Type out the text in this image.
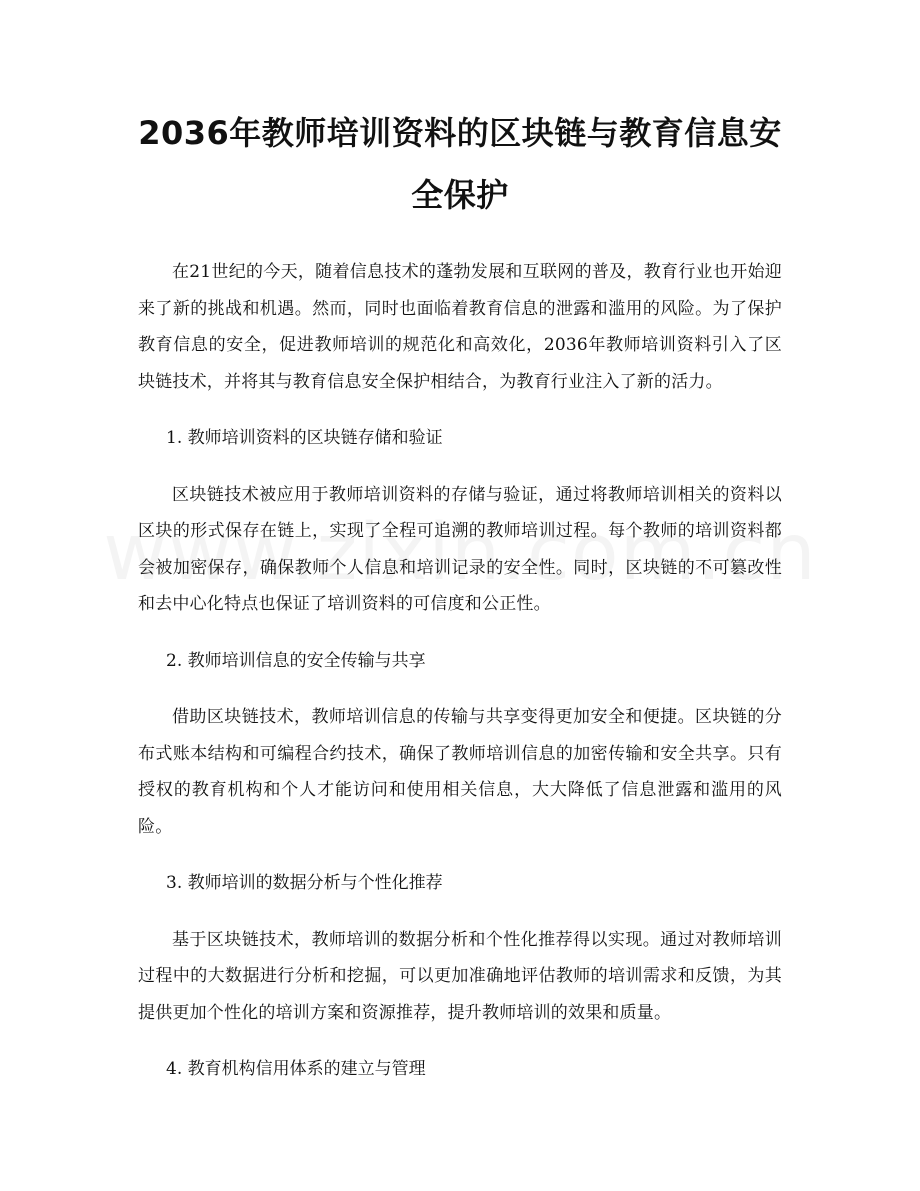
2036年教师培训资料的区块链与教育信息安全保护

在21世纪的今天，随着信息技术的蓬勃发展和互联网的普及，教育行业也开始迎来了新的挑战和机遇。然而，同时也面临着教育信息的泄露和滥用的风险。为了保护教育信息的安全，促进教师培训的规范化和高效化，2036年教师培训资料引入了区块链技术，并将其与教育信息安全保护相结合，为教育行业注入了新的活力。

1. 教师培训资料的区块链存储和验证

区块链技术被应用于教师培训资料的存储与验证，通过将教师培训相关的资料以区块的形式保存在链上，实现了全程可追溯的教师培训过程。每个教师的培训资料都会被加密保存，确保教师个人信息和培训记录的安全性。同时，区块链的不可篡改性和去中心化特点也保证了培训资料的可信度和公正性。

2. 教师培训信息的安全传输与共享

借助区块链技术，教师培训信息的传输与共享变得更加安全和便捷。区块链的分布式账本结构和可编程合约技术，确保了教师培训信息的加密传输和安全共享。只有授权的教育机构和个人才能访问和使用相关信息，大大降低了信息泄露和滥用的风险。

3. 教师培训的数据分析与个性化推荐

基于区块链技术，教师培训的数据分析和个性化推荐得以实现。通过对教师培训过程中的大数据进行分析和挖掘，可以更加准确地评估教师的培训需求和反馈，为其提供更加个性化的培训方案和资源推荐，提升教师培训的效果和质量。

4. 教育机构信用体系的建立与管理
